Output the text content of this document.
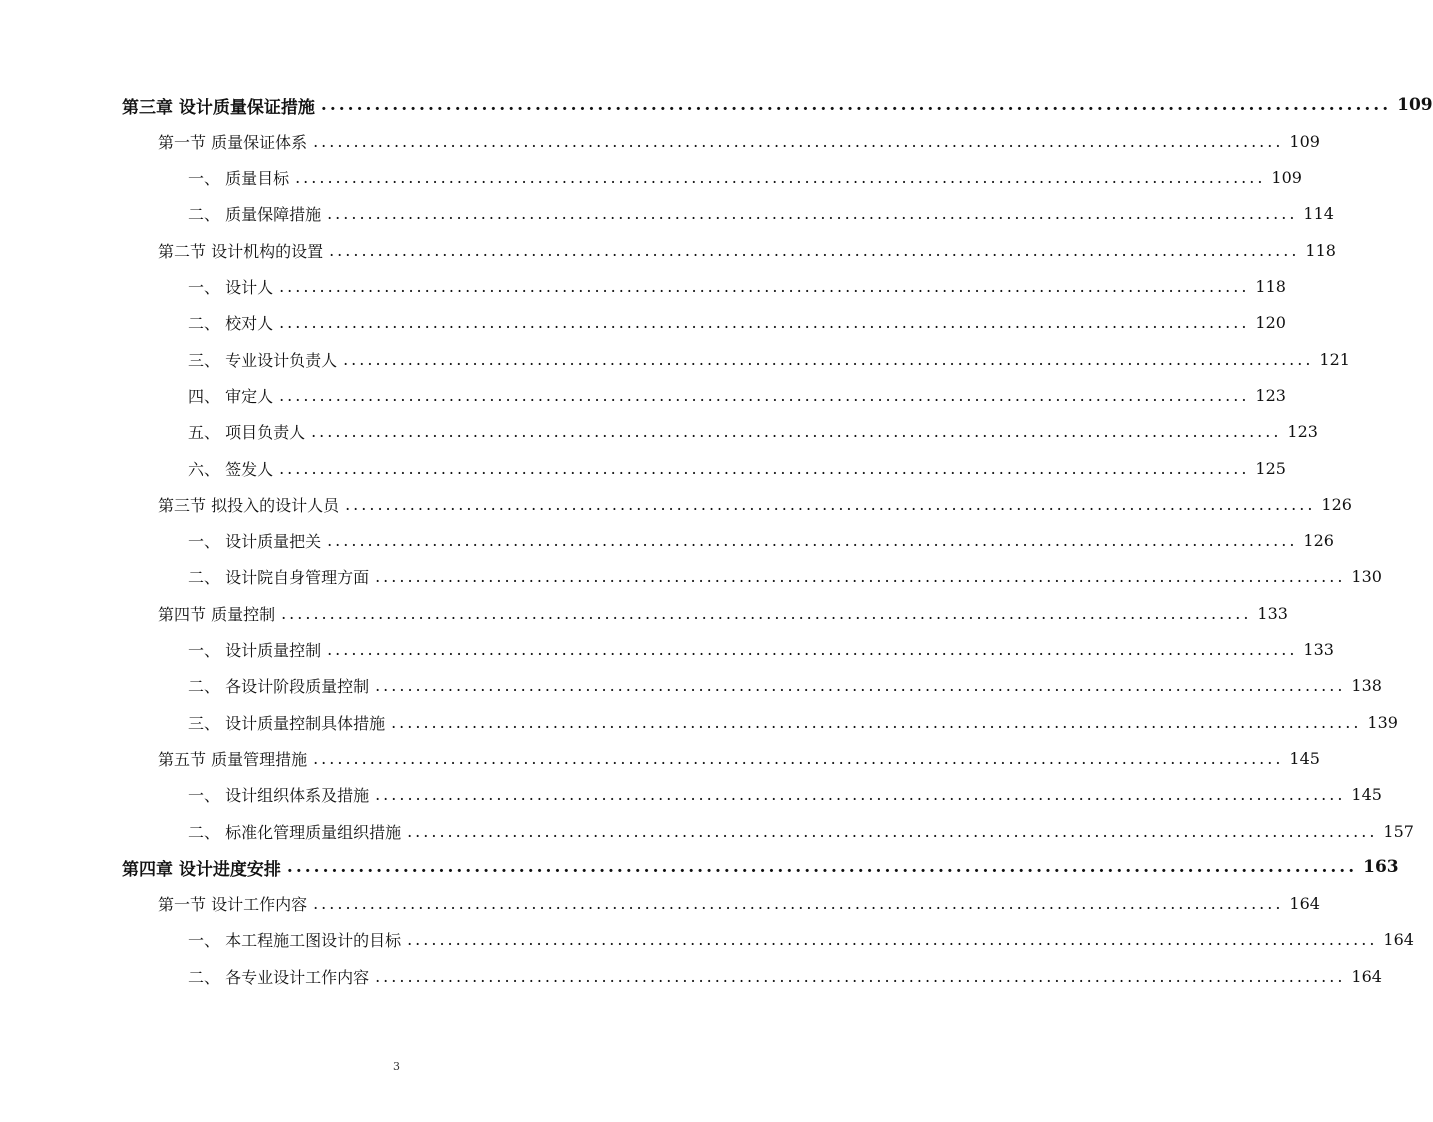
第三章 设计质量保证措施 ........................................................................................................................ 109
第一节 质量保证体系 ........................................................................................................................ 109
一、 质量目标 ........................................................................................................................ 109
二、 质量保障措施 ........................................................................................................................ 114
第二节 设计机构的设置 ........................................................................................................................ 118
一、 设计人 ........................................................................................................................ 118
二、 校对人 ........................................................................................................................ 120
三、 专业设计负责人 ........................................................................................................................ 121
四、 审定人 ........................................................................................................................ 123
五、 项目负责人 ........................................................................................................................ 123
六、 签发人 ........................................................................................................................ 125
第三节 拟投入的设计人员 ........................................................................................................................ 126
一、 设计质量把关 ........................................................................................................................ 126
二、 设计院自身管理方面 ........................................................................................................................ 130
第四节 质量控制 ........................................................................................................................ 133
一、 设计质量控制 ........................................................................................................................ 133
二、 各设计阶段质量控制 ........................................................................................................................ 138
三、 设计质量控制具体措施 ........................................................................................................................ 139
第五节 质量管理措施 ........................................................................................................................ 145
一、 设计组织体系及措施 ........................................................................................................................ 145
二、 标准化管理质量组织措施 ........................................................................................................................ 157
第四章 设计进度安排 ........................................................................................................................ 163
第一节 设计工作内容 ........................................................................................................................ 164
一、 本工程施工图设计的目标 ........................................................................................................................ 164
二、 各专业设计工作内容 ........................................................................................................................ 164
3
